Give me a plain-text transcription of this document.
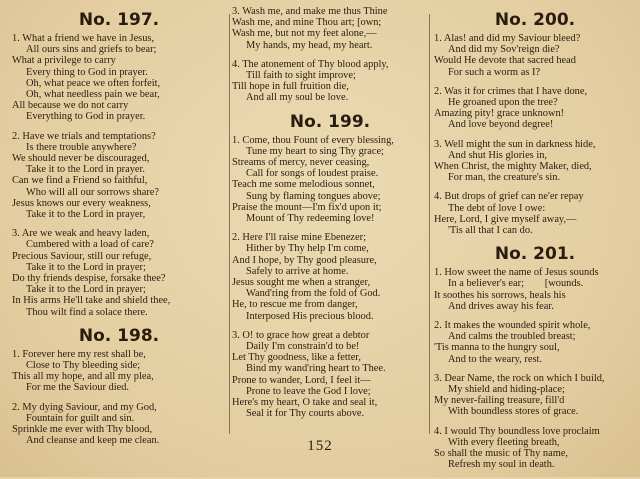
No. 197.
1. What a friend we have in Jesus,
All ours sins and griefs to bear;
What a privilege to carry
Every thing to God in prayer.
Oh, what peace we often forfeit,
Oh, what needless pain we bear,
All because we do not carry
Everything to God in prayer.
2. Have we trials and temptations?
Is there trouble anywhere?
We should never be discouraged,
Take it to the Lord in prayer.
Can we find a Friend so faithful,
Who will all our sorrows share?
Jesus knows our every weakness,
Take it to the Lord in prayer,
3. Are we weak and heavy laden,
Cumbered with a load of care?
Precious Saviour, still our refuge,
Take it to the Lord in prayer;
Do thy friends despise, forsake thee?
Take it to the Lord in prayer;
In His arms He'll take and shield thee,
Thou wilt find a solace there.
No. 198.
1. Forever here my rest shall be,
Close to Thy bleeding side;
This all my hope, and all my plea,
For me the Saviour died.
2. My dying Saviour, and my God,
Fountain for guilt and sin.
Sprinkle me ever with Thy blood,
And cleanse and keep me clean.
3. Wash me, and make me thus Thine
Wash me, and mine Thou art; [own;
Wash me, but not my feet alone,—
My hands, my head, my heart.
4. The atonement of Thy blood apply,
Till faith to sight improve;
Till hope in full fruition die,
And all my soul be love.
No. 199.
1. Come, thou Fount of every blessing,
Tune my heart to sing Thy grace;
Streams of mercy, never ceasing,
Call for songs of loudest praise.
Teach me some melodious sonnet,
Sung by flaming tongues above;
Praise the mount—I'm fix'd upon it;
Mount of Thy redeeming love!
2. Here I'll raise mine Ebenezer;
Hither by Thy help I'm come,
And I hope, by Thy good pleasure,
Safely to arrive at home.
Jesus sought me when a stranger,
Wand'ring from the fold of God.
He, to rescue me from danger,
Interposed His precious blood.
3. O! to grace how great a debtor
Daily I'm constrain'd to be!
Let Thy goodness, like a fetter,
Bind my wand'ring heart to Thee.
Prone to wander, Lord, I feel it—
Prone to leave the God I love;
Here's my heart, O take and seal it,
Seal it for Thy courts above.
No. 200.
1. Alas! and did my Saviour bleed?
And did my Sov'reign die?
Would He devote that sacred head
For such a worm as I?
2. Was it for crimes that I have done,
He groaned upon the tree?
Amazing pity! grace unknown!
And love beyond degree!
3. Well might the sun in darkness hide,
And shut His glories in,
When Christ, the mighty Maker, died,
For man, the creature's sin.
4. But drops of grief can ne'er repay
The debt of love I owe:
Here, Lord, I give myself away,—
'Tis all that I can do.
No. 201.
1. How sweet the name of Jesus sounds
In a believer's ear;        [wounds.
It soothes his sorrows, heals his
And drives away his fear.
2. It makes the wounded spirit whole,
And calms the troubled breast;
'Tis manna to the hungry soul,
And to the weary, rest.
3. Dear Name, the rock on which I build,
My shield and hiding-place;
My never-failing treasure, fill'd
With boundless stores of grace.
4. I would Thy boundless love proclaim
With every fleeting breath,
So shall the music of Thy name,
Refresh my soul in death.
152
